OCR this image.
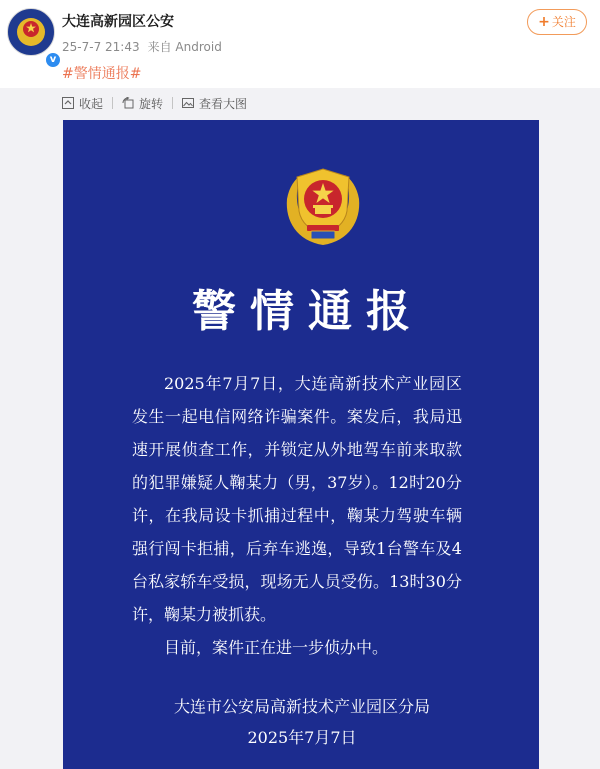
v
大连高新园区公安
25-7-7 21:43 来自 Android
+ 关注
#警情通报#
收起	旋转	查看大图
警情通报

2025年7月7日，大连高新技术产业园区发生一起电信网络诈骗案件。案发后，我局迅速开展侦查工作，并锁定从外地驾车前来取款的犯罪嫌疑人鞠某力（男，37岁）。12时20分许，在我局设卡抓捕过程中，鞠某力驾驶车辆强行闯卡拒捕，后弃车逃逸，导致1台警车及4台私家轿车受损，现场无人员受伤。13时30分许，鞠某力被抓获。

目前，案件正在进一步侦办中。

大连市公安局高新技术产业园区分局
2025年7月7日
